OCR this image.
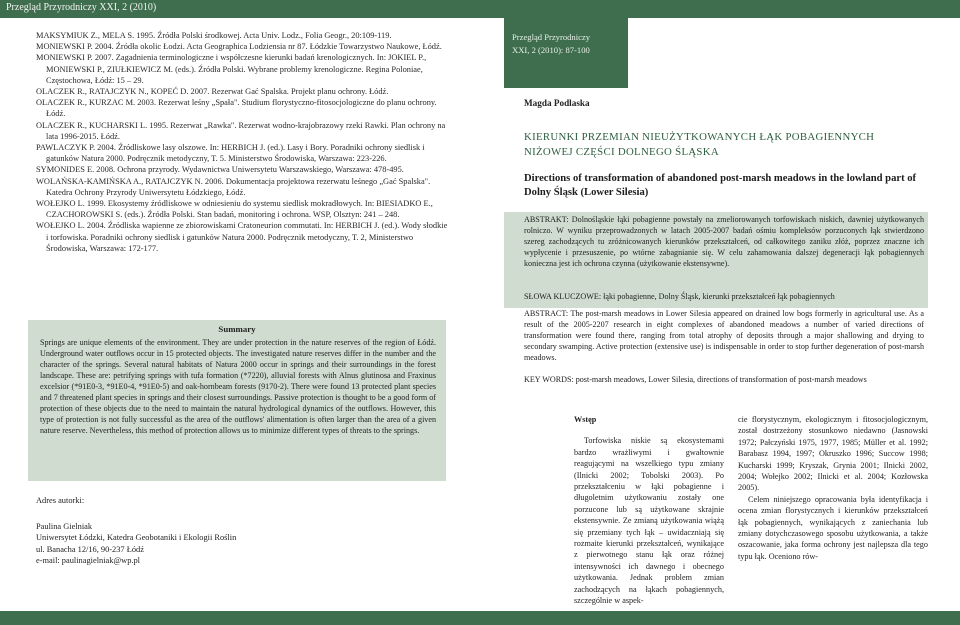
Przegląd Przyrodniczy XXI, 2 (2010)

MAKSYMIUK Z., MELA S. 1995. Źródła Polski środkowej. Acta Univ. Lodz., Folia Geogr., 20:109-119.

MONIEWSKI P. 2004. Źródła okolic Łodzi. Acta Geographica Lodziensia nr 87. Łódzkie Towarzystwo Naukowe, Łódź.

MONIEWSKI P. 2007. Zagadnienia terminologiczne i współczesne kierunki badań krenologicznych. In: JOKIEL P., MONIEWSKI P., ZIUŁKIEWICZ M. (eds.). Źródła Polski. Wybrane problemy krenologiczne. Regina Poloniae, Częstochowa, Łódź: 15 – 29.

OLACZEK R., RATAJCZYK N., KOPEĆ D. 2007. Rezerwat Gać Spalska. Projekt planu ochrony. Łódź.

OLACZEK R., KURZAC M. 2003. Rezerwat leśny „Spała". Studium florystyczno-fitosocjologiczne do planu ochrony. Łódź.

OLACZEK R., KUCHARSKI L. 1995. Rezerwat „Rawka". Rezerwat wodno-krajobrazowy rzeki Rawki. Plan ochrony na lata 1996-2015. Łódź.

PAWLACZYK P. 2004. Źródliskowe lasy olszowe. In: HERBICH J. (ed.). Lasy i Bory. Poradniki ochrony siedlisk i gatunków Natura 2000. Podręcznik metodyczny, T. 5. Ministerstwo Środowiska, Warszawa: 223-226.

SYMONIDES E. 2008. Ochrona przyrody. Wydawnictwa Uniwersytetu Warszawskiego, Warszawa: 478-495.

WOLAŃSKA-KAMIŃSKA A., RATAJCZYK N. 2006. Dokumentacja projektowa rezerwatu leśnego „Gać Spalska". Katedra Ochrony Przyrody Uniwersytetu Łódzkiego, Łódź.

WOŁEJKO L. 1999. Ekosystemy źródliskowe w odniesieniu do systemu siedlisk mokradłowych. In: BIESIADKO E., CZACHOROWSKI S. (eds.). Źródła Polski. Stan badań, monitoring i ochrona. WSP, Olsztyn: 241 – 248.

WOŁEJKO L. 2004. Źródliska wapienne ze zbiorowiskami Cratoneurion commutati. In: HERBICH J. (ed.). Wody słodkie i torfowiska. Poradniki ochrony siedlisk i gatunków Natura 2000. Podręcznik metodyczny, T. 2, Ministerstwo Środowiska, Warszawa: 172-177.

Summary
Springs are unique elements of the environment. They are under protection in the nature reserves of the region of Łódź. Underground water outflows occur in 15 protected objects. The investigated nature reserves differ in the number and the character of the springs. Several natural habitats of Natura 2000 occur in springs and their surroundings in the forest landscape. These are: petrifying springs with tufa formation (*7220), alluvial forests with Alnus glutinosa and Fraxinus excelsior (*91E0-3, *91E0-4, *91E0-5) and oak-hornbeam forests (9170-2). There were found 13 protected plant species and 7 threatened plant species in springs and their closest surroundings. Passive protection is thought to be a good form of protection of these objects due to the need to maintain the natural hydrological dynamics of the outflows. However, this type of protection is not fully successful as the area of the outflows' alimentation is often larger than the area of a given nature reserve. Nevertheless, this method of protection allows us to minimize different types of threats to the springs.

Adres autorki:

Paulina Gielniak

Uniwersytet Łódzki, Katedra Geobotaniki i Ekologii Roślin

ul. Banacha 12/16, 90-237 Łódź

e-mail: paulinagielniak@wp.pl

Przegląd Przyrodniczy
XXI, 2 (2010): 87-100
Magda Podlaska
KIERUNKI PRZEMIAN NIEUŻYTKOWANYCH ŁĄK POBAGIENNYCH NIŻOWEJ CZĘŚCI DOLNEGO ŚLĄSKA
Directions of transformation of abandoned post-marsh meadows in the lowland part of Dolny Śląsk (Lower Silesia)
ABSTRAKT: Dolnośląskie łąki pobagienne powstały na zmeliorowanych torfowiskach niskich, dawniej użytkowanych rolniczo. W wyniku przeprowadzonych w latach 2005-2007 badań ośmiu kompleksów porzuconych łąk stwierdzono szereg zachodzących tu zróżnicowanych kierunków przekształceń, od całkowitego zaniku złóż, poprzez znaczne ich wypłycenie i przesuszenie, po wtórne zabagnianie się. W celu zahamowania dalszej degeneracji łąk pobagiennych konieczna jest ich ochrona czynna (użytkowanie ekstensywne).
SŁOWA KLUCZOWE: łąki pobagienne, Dolny Śląsk, kierunki przekształceń łąk pobagiennych
ABSTRACT: The post-marsh meadows in Lower Silesia appeared on drained low bogs formerly in agricultural use. As a result of the 2005-2207 research in eight complexes of abandoned meadows a number of varied directions of transformation were found there, ranging from total atrophy of deposits through a major shallowing and drying to secondary swamping. Active protection (extensive use) is indispensable in order to stop further degeneration of post-marsh meadows.
KEY WORDS: post-marsh meadows, Lower Silesia, directions of transformation of post-marsh meadows

Wstęp

Torfowiska niskie są ekosystemami bardzo wrażliwymi i gwałtownie reagującymi na wszelkiego typu zmiany (Ilnicki 2002; Tobolski 2003). Po przekształceniu w łąki pobagienne i długoletnim użytkowaniu zostały one porzucone lub są użytkowane skrajnie ekstensywnie. Ze zmianą użytkowania wiążą się przemiany tych łąk – uwidaczniają się rozmaite kierunki przekształceń, wynikające z pierwotnego stanu łąk oraz różnej intensywności ich dawnego i obecnego użytkowania. Jednak problem zmian zachodzących na łąkach pobagiennych, szczególnie w aspek-

cie florystycznym, ekologicznym i fitosocjologicznym, został dostrzeżony stosunkowo niedawno (Jasnowski 1972; Pałczyński 1975, 1977, 1985; Müller et al. 1992; Barabasz 1994, 1997; Okruszko 1996; Succow 1998; Kucharski 1999; Kryszak, Grynia 2001; Ilnicki 2002, 2004; Wołejko 2002; Ilnicki et al. 2004; Kozłowska 2005).

Celem niniejszego opracowania była identyfikacja i ocena zmian florystycznych i kierunków przekształceń łąk pobagiennych, wynikających z zaniechania lub zmiany dotychczasowego sposobu użytkowania, a także oszacowanie, jaka forma ochrony jest najlepsza dla tego typu łąk. Oceniono rów-
